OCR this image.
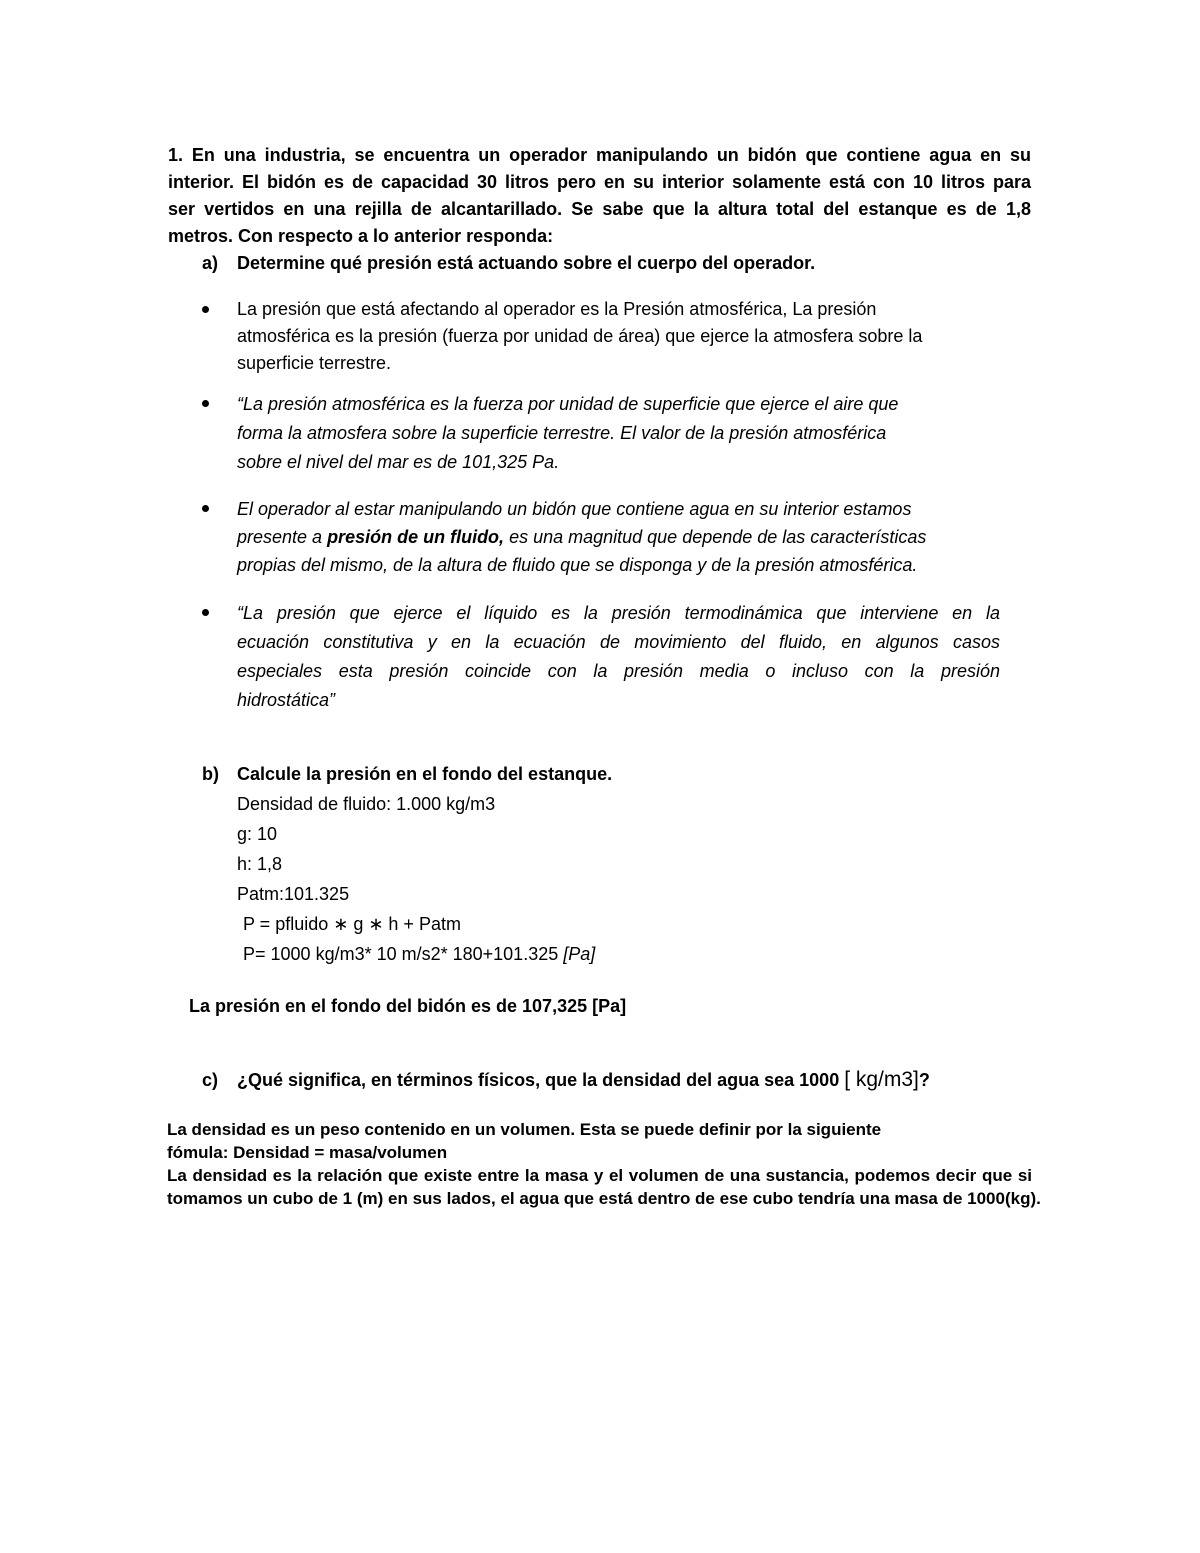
1. En una industria, se encuentra un operador manipulando un bidón que contiene agua en su
interior. El bidón es de capacidad 30 litros pero en su interior solamente está con 10 litros para
ser vertidos en una rejilla de alcantarillado. Se sabe que la altura total del estanque es de 1,8
metros. Con respecto a lo anterior responda:
a) Determine qué presión está actuando sobre el cuerpo del operador.
La presión que está afectando al operador es la Presión atmosférica, La presión
atmosférica es la presión (fuerza por unidad de área) que ejerce la atmosfera sobre la
superficie terrestre.
“La presión atmosférica es la fuerza por unidad de superficie que ejerce el aire que
forma la atmosfera sobre la superficie terrestre. El valor de la presión atmosférica
sobre el nivel del mar es de 101,325 Pa.
El operador al estar manipulando un bidón que contiene agua en su interior estamos
presente a presión de un fluido, es una magnitud que depende de las características
propias del mismo, de la altura de fluido que se disponga y de la presión atmosférica.
“La presión que ejerce el líquido es la presión termodinámica que interviene en la
ecuación constitutiva y en la ecuación de movimiento del fluido, en algunos casos
especiales esta presión coincide con la presión media o incluso con la presión
hidrostática”
b) Calcule la presión en el fondo del estanque.
Densidad de fluido: 1.000 kg/m3
g: 10
h: 1,8
Patm:101.325
P = pfluido ∗ g ∗ h + Patm
P= 1000 kg/m3* 10 m/s2* 180+101.325 [Pa]
La presión en el fondo del bidón es de 107,325 [Pa]
c) ¿Qué significa, en términos físicos, que la densidad del agua sea 1000 [ kg/m3]?
La densidad es un peso contenido en un volumen. Esta se puede definir por la siguiente
fómula: Densidad = masa/volumen
La densidad es la relación que existe entre la masa y el volumen de una sustancia, podemos decir que si
tomamos un cubo de 1 (m) en sus lados, el agua que está dentro de ese cubo tendría una masa de 1000(kg).
